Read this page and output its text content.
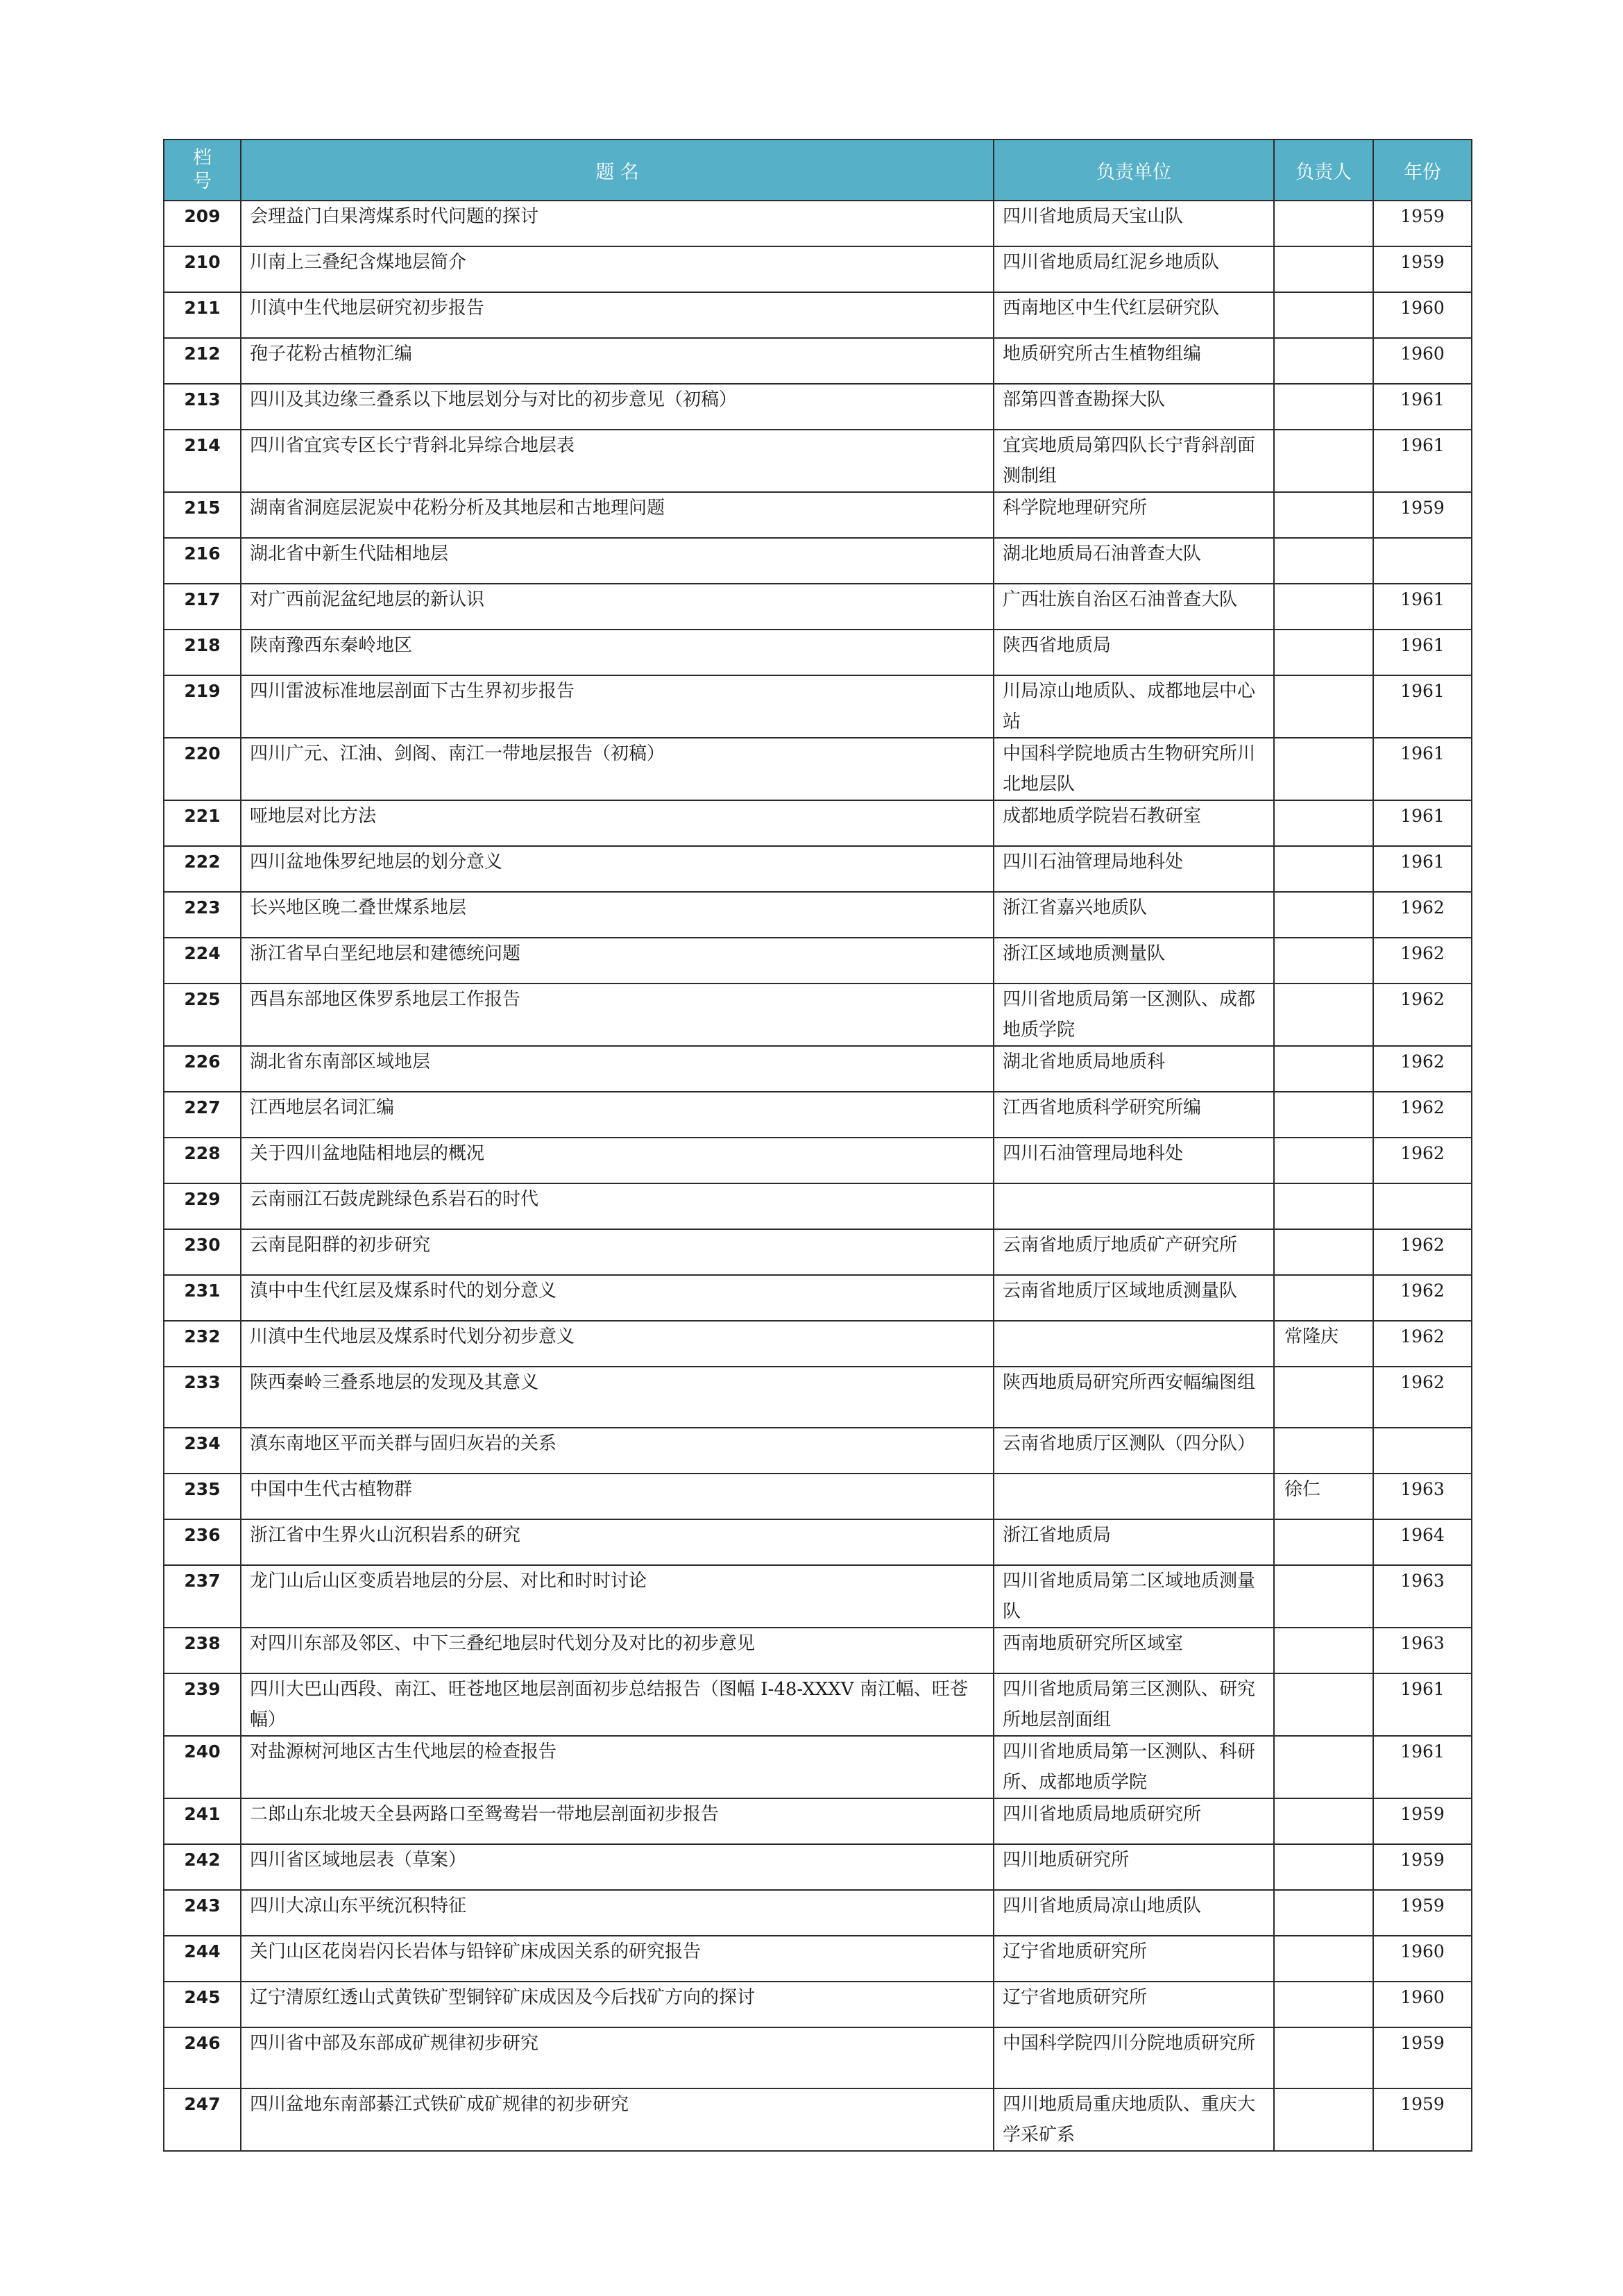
档
号	题 名	负责单位	负责人	年份
209	会理益门白果湾煤系时代问题的探讨	四川省地质局天宝山队		1959
210	川南上三叠纪含煤地层简介	四川省地质局红泥乡地质队		1959
211	川滇中生代地层研究初步报告	西南地区中生代红层研究队		1960
212	孢子花粉古植物汇编	地质研究所古生植物组编		1960
213	四川及其边缘三叠系以下地层划分与对比的初步意见（初稿）	部第四普查勘探大队		1961
214	四川省宜宾专区长宁背斜北异综合地层表	宜宾地质局第四队长宁背斜剖面测制组		1961
215	湖南省洞庭层泥炭中花粉分析及其地层和古地理问题	科学院地理研究所		1959
216	湖北省中新生代陆相地层	湖北地质局石油普查大队		
217	对广西前泥盆纪地层的新认识	广西壮族自治区石油普查大队		1961
218	陕南豫西东秦岭地区	陕西省地质局		1961
219	四川雷波标准地层剖面下古生界初步报告	川局凉山地质队、成都地层中心站		1961
220	四川广元、江油、剑阁、南江一带地层报告（初稿）	中国科学院地质古生物研究所川北地层队		1961
221	哑地层对比方法	成都地质学院岩石教研室		1961
222	四川盆地侏罗纪地层的划分意义	四川石油管理局地科处		1961
223	长兴地区晚二叠世煤系地层	浙江省嘉兴地质队		1962
224	浙江省早白垩纪地层和建德统问题	浙江区域地质测量队		1962
225	西昌东部地区侏罗系地层工作报告	四川省地质局第一区测队、成都地质学院		1962
226	湖北省东南部区域地层	湖北省地质局地质科		1962
227	江西地层名词汇编	江西省地质科学研究所编		1962
228	关于四川盆地陆相地层的概况	四川石油管理局地科处		1962
229	云南丽江石鼓虎跳绿色系岩石的时代			
230	云南昆阳群的初步研究	云南省地质厅地质矿产研究所		1962
231	滇中中生代红层及煤系时代的划分意义	云南省地质厅区域地质测量队		1962
232	川滇中生代地层及煤系时代划分初步意义		常隆庆	1962
233	陕西秦岭三叠系地层的发现及其意义	陕西地质局研究所西安幅编图组		1962
234	滇东南地区平而关群与固归灰岩的关系	云南省地质厅区测队（四分队）		
235	中国中生代古植物群		徐仁	1963
236	浙江省中生界火山沉积岩系的研究	浙江省地质局		1964
237	龙门山后山区变质岩地层的分层、对比和时时讨论	四川省地质局第二区域地质测量队		1963
238	对四川东部及邻区、中下三叠纪地层时代划分及对比的初步意见	西南地质研究所区域室		1963
239	四川大巴山西段、南江、旺苍地区地层剖面初步总结报告（图幅 I-48-XXXV 南江幅、旺苍幅）	四川省地质局第三区测队、研究所地层剖面组		1961
240	对盐源树河地区古生代地层的检查报告	四川省地质局第一区测队、科研所、成都地质学院		1961
241	二郎山东北坡天全县两路口至鸳鸯岩一带地层剖面初步报告	四川省地质局地质研究所		1959
242	四川省区域地层表（草案）	四川地质研究所		1959
243	四川大凉山东平统沉积特征	四川省地质局凉山地质队		1959
244	关门山区花岗岩闪长岩体与铅锌矿床成因关系的研究报告	辽宁省地质研究所		1960
245	辽宁清原红透山式黄铁矿型铜锌矿床成因及今后找矿方向的探讨	辽宁省地质研究所		1960
246	四川省中部及东部成矿规律初步研究	中国科学院四川分院地质研究所		1959
247	四川盆地东南部綦江式铁矿成矿规律的初步研究	四川地质局重庆地质队、重庆大学采矿系		1959
